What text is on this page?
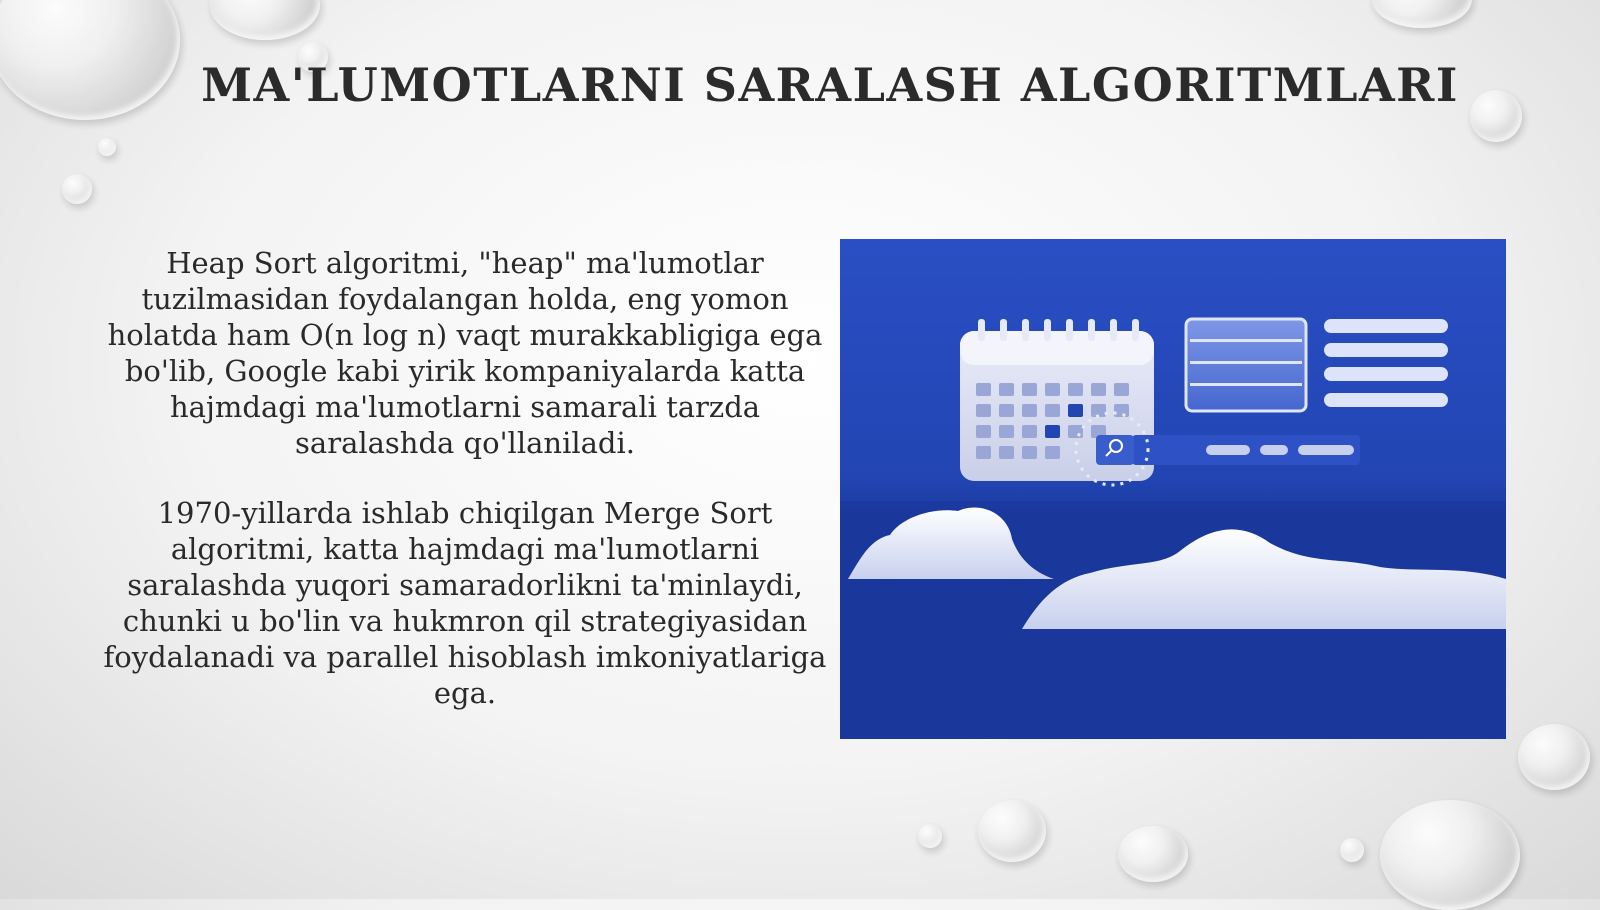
MA'LUMOTLARNI SARALASH ALGORITMLARI

Heap Sort algoritmi, "heap" ma'lumotlar tuzilmasidan foydalangan holda, eng yomon holatda ham O(n log n) vaqt murakkabligiga ega bo'lib, Google kabi yirik kompaniyalarda katta hajmdagi ma'lumotlarni samarali tarzda saralashda qo'llaniladi.

1970-yillarda ishlab chiqilgan Merge Sort algoritmi, katta hajmdagi ma'lumotlarni saralashda yuqori samaradorlikni ta'minlaydi, chunki u bo'lin va hukmron qil strategiyasidan foydalanadi va parallel hisoblash imkoniyatlariga ega.
